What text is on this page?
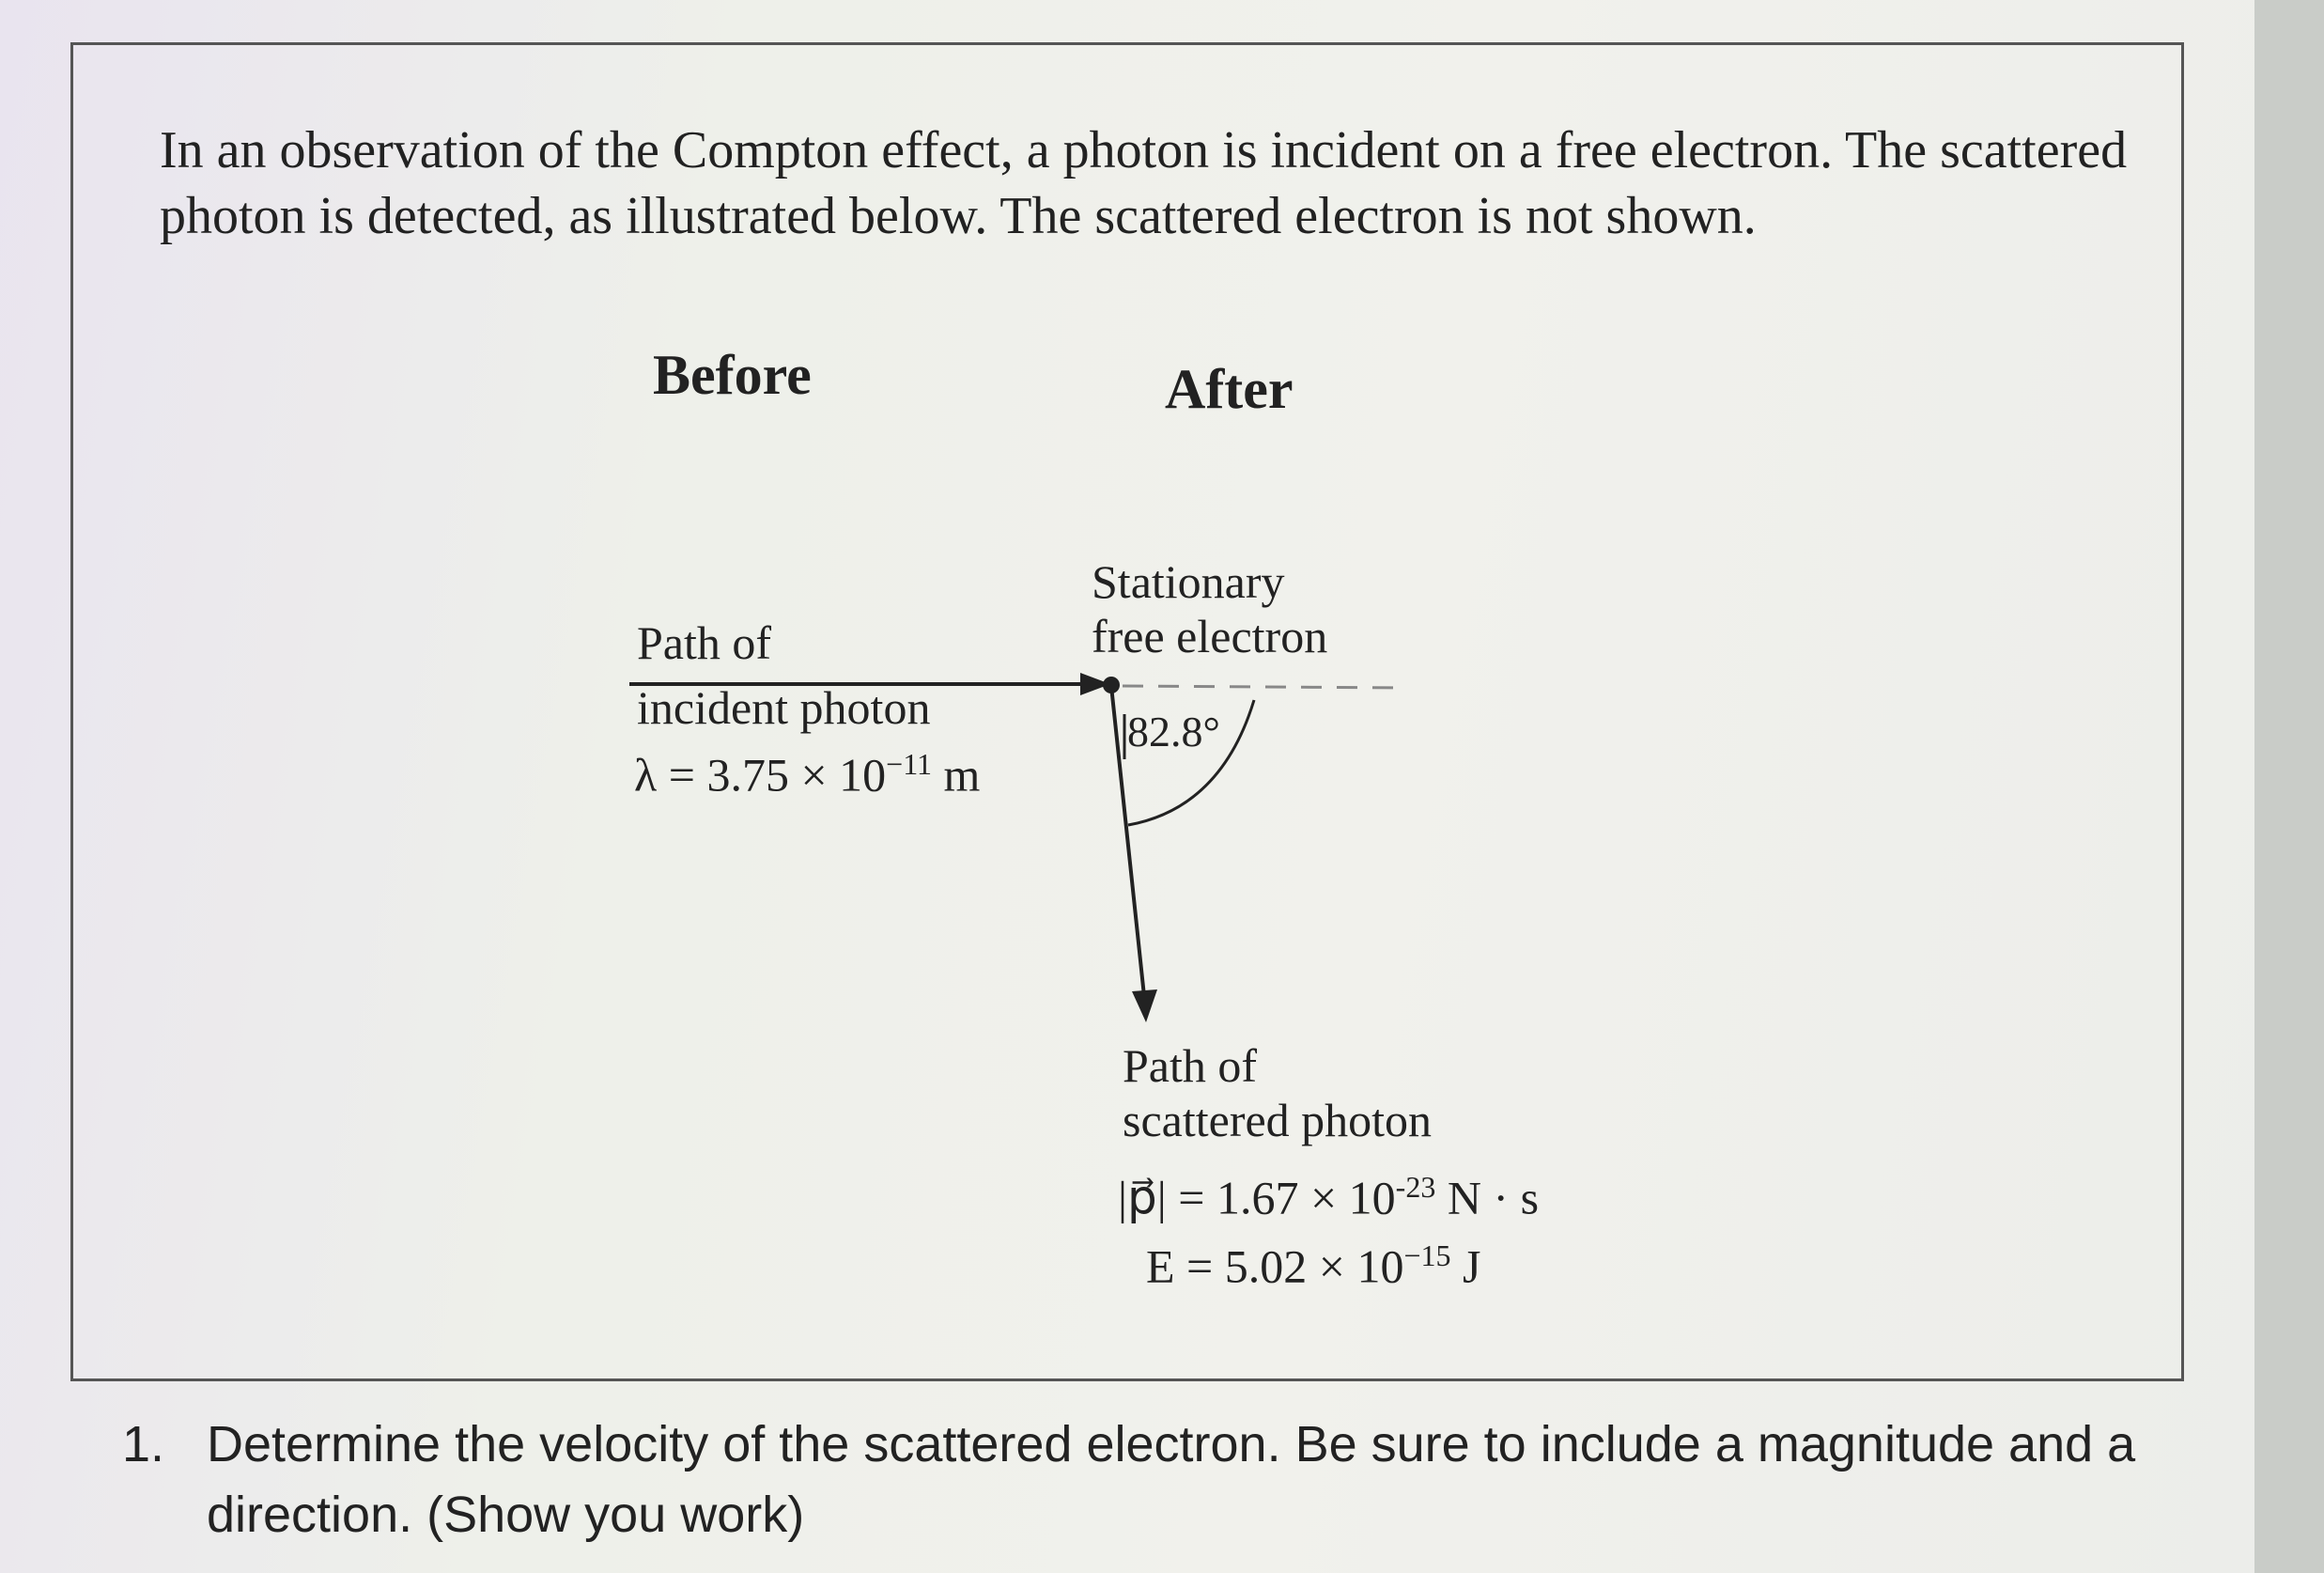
In an observation of the Compton effect, a photon is incident on a free electron. The scattered photon is detected, as illustrated below. The scattered electron is not shown.

Before	After
Path of
incident photon
$\lambda = 3.75 \times 10^{-11}$ m
Stationary
free electron
82.8°
Path of
scattered photon
|p⃗| = $1.67 \times 10^{-23}$ N · s
$E = 5.02 \times 10^{-15}$ J
1. Determine the velocity of the scattered electron. Be sure to include a magnitude and a direction. (Show you work)
